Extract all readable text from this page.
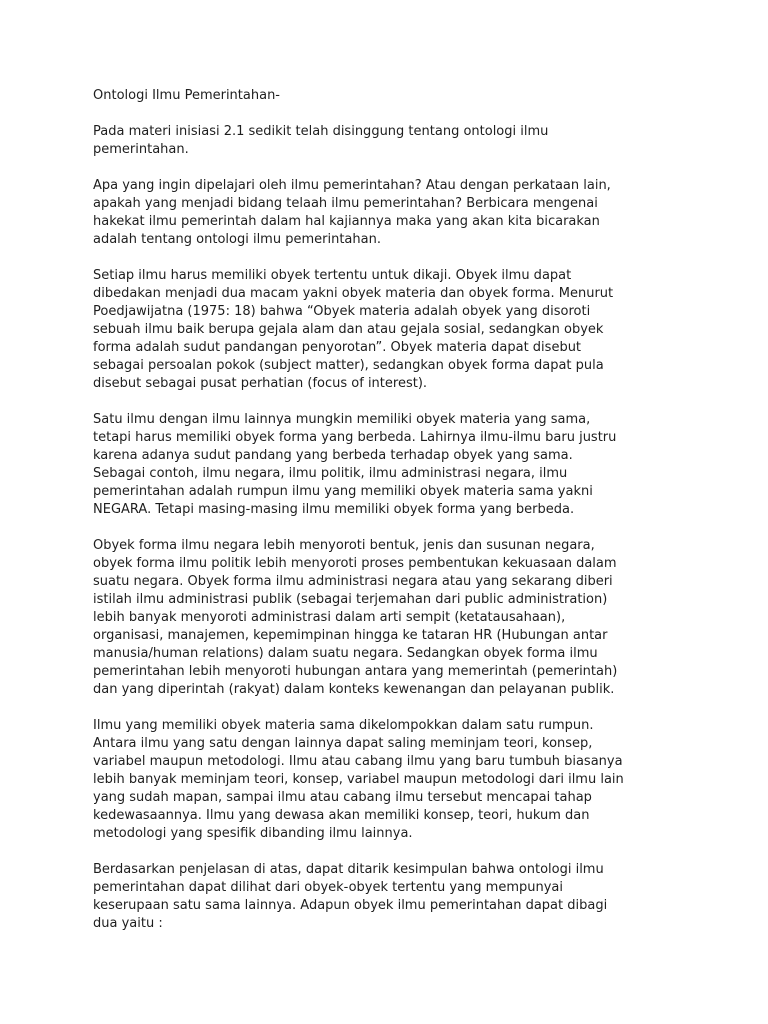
Ontologi Ilmu Pemerintahan-

Pada materi inisiasi 2.1 sedikit telah disinggung tentang ontologi ilmu
pemerintahan.

Apa yang ingin dipelajari oleh ilmu pemerintahan? Atau dengan perkataan lain,
apakah yang menjadi bidang telaah ilmu pemerintahan? Berbicara mengenai
hakekat ilmu pemerintah dalam hal kajiannya maka yang akan kita bicarakan
adalah tentang ontologi ilmu pemerintahan.

Setiap ilmu harus memiliki obyek tertentu untuk dikaji. Obyek ilmu dapat
dibedakan menjadi dua macam yakni obyek materia dan obyek forma. Menurut
Poedjawijatna (1975: 18) bahwa “Obyek materia adalah obyek yang disoroti
sebuah ilmu baik berupa gejala alam dan atau gejala sosial, sedangkan obyek
forma adalah sudut pandangan penyorotan”. Obyek materia dapat disebut
sebagai persoalan pokok (subject matter), sedangkan obyek forma dapat pula
disebut sebagai pusat perhatian (focus of interest).

Satu ilmu dengan ilmu lainnya mungkin memiliki obyek materia yang sama,
tetapi harus memiliki obyek forma yang berbeda. Lahirnya ilmu-ilmu baru justru
karena adanya sudut pandang yang berbeda terhadap obyek yang sama.
Sebagai contoh, ilmu negara, ilmu politik, ilmu administrasi negara, ilmu
pemerintahan adalah rumpun ilmu yang memiliki obyek materia sama yakni
NEGARA. Tetapi masing-masing ilmu memiliki obyek forma yang berbeda.

Obyek forma ilmu negara lebih menyoroti bentuk, jenis dan susunan negara,
obyek forma ilmu politik lebih menyoroti proses pembentukan kekuasaan dalam
suatu negara. Obyek forma ilmu administrasi negara atau yang sekarang diberi
istilah ilmu administrasi publik (sebagai terjemahan dari public administration)
lebih banyak menyoroti administrasi dalam arti sempit (ketatausahaan),
organisasi, manajemen, kepemimpinan hingga ke tataran HR (Hubungan antar
manusia/human relations) dalam suatu negara. Sedangkan obyek forma ilmu
pemerintahan lebih menyoroti hubungan antara yang memerintah (pemerintah)
dan yang diperintah (rakyat) dalam konteks kewenangan dan pelayanan publik.

Ilmu yang memiliki obyek materia sama dikelompokkan dalam satu rumpun.
Antara ilmu yang satu dengan lainnya dapat saling meminjam teori, konsep,
variabel maupun metodologi. Ilmu atau cabang ilmu yang baru tumbuh biasanya
lebih banyak meminjam teori, konsep, variabel maupun metodologi dari ilmu lain
yang sudah mapan, sampai ilmu atau cabang ilmu tersebut mencapai tahap
kedewasaannya. Ilmu yang dewasa akan memiliki konsep, teori, hukum dan
metodologi yang spesifik dibanding ilmu lainnya.

Berdasarkan penjelasan di atas, dapat ditarik kesimpulan bahwa ontologi ilmu
pemerintahan dapat dilihat dari obyek-obyek tertentu yang mempunyai
keserupaan satu sama lainnya. Adapun obyek ilmu pemerintahan dapat dibagi
dua yaitu :
